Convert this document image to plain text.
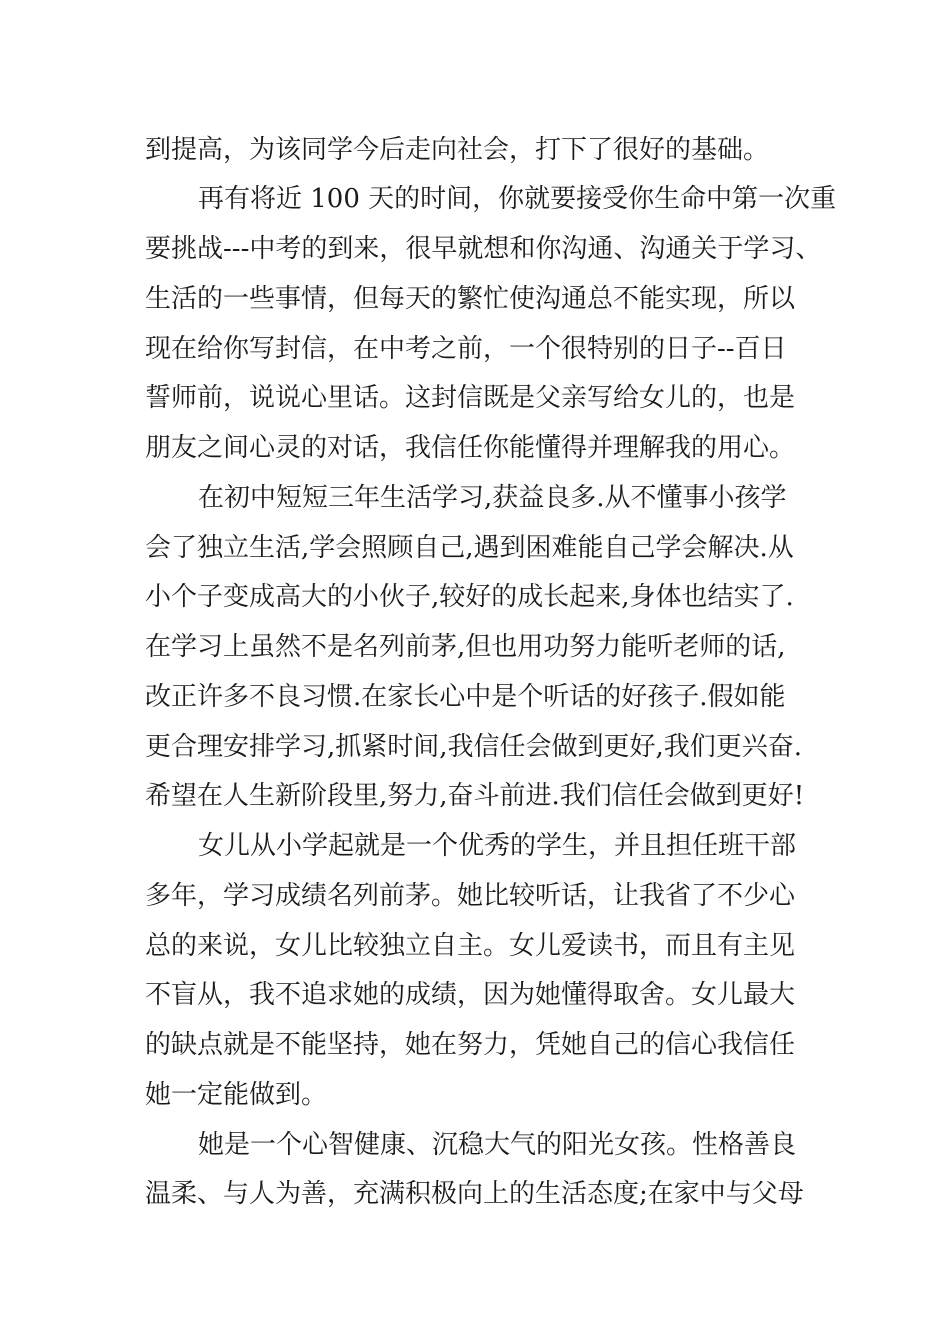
到提高，为该同学今后走向社会，打下了很好的基础。
再有将近 100 天的时间，你就要接受你生命中第一次重
要挑战---中考的到来，很早就想和你沟通、沟通关于学习、
生活的一些事情，但每天的繁忙使沟通总不能实现，所以
现在给你写封信，在中考之前，一个很特别的日子--百日
誓师前，说说心里话。这封信既是父亲写给女儿的，也是
朋友之间心灵的对话，我信任你能懂得并理解我的用心。
在初中短短三年生活学习,获益良多.从不懂事小孩学
会了独立生活,学会照顾自己,遇到困难能自己学会解决.从
小个子变成高大的小伙子,较好的成长起来,身体也结实了.
在学习上虽然不是名列前茅,但也用功努力能听老师的话,
改正许多不良习惯.在家长心中是个听话的好孩子.假如能
更合理安排学习,抓紧时间,我信任会做到更好,我们更兴奋.
希望在人生新阶段里,努力,奋斗前进.我们信任会做到更好!
女儿从小学起就是一个优秀的学生，并且担任班干部
多年，学习成绩名列前茅。她比较听话，让我省了不少心
总的来说，女儿比较独立自主。女儿爱读书，而且有主见
不盲从，我不追求她的成绩，因为她懂得取舍。女儿最大
的缺点就是不能坚持，她在努力，凭她自己的信心我信任
她一定能做到。
她是一个心智健康、沉稳大气的阳光女孩。性格善良
温柔、与人为善，充满积极向上的生活态度;在家中与父母
